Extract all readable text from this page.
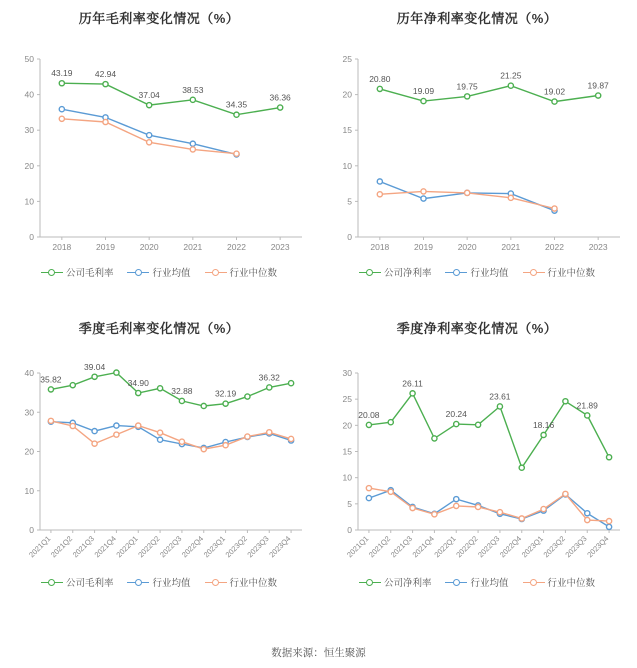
历年毛利率变化情况（%）
0
10
20
30
40
50
2018	2019	2020	2021	2022	2023
43.19	42.94
37.04
38.53
34.35
36.36
公司毛利率	行业均值	行业中位数
历年净利率变化情况（%）
0
5
10
15
20
25
2018	2019	2020	2021	2022	2023
20.80
19.09	19.75
21.25
19.02
19.87
公司净利率	行业均值	行业中位数
季度毛利率变化情况（%）
0
10
20
30
40
2021Q1
2021Q2
2021Q3
2021Q4
2022Q1
2022Q2
2022Q3
2022Q4
2023Q1
2023Q2
2023Q3
2023Q4
35.82
39.04
34.90
32.88	32.19
36.32
公司毛利率	行业均值	行业中位数
季度净利率变化情况（%）
0
5
10
15
20
25
30
2021Q1
2021Q2
2021Q3
2021Q4
2022Q1
2022Q2
2022Q3
2022Q4
2023Q1
2023Q2
2023Q3
2023Q4
20.08
26.11
20.24
23.61
18.16
21.89
公司净利率	行业均值	行业中位数
数据来源：恒生聚源
